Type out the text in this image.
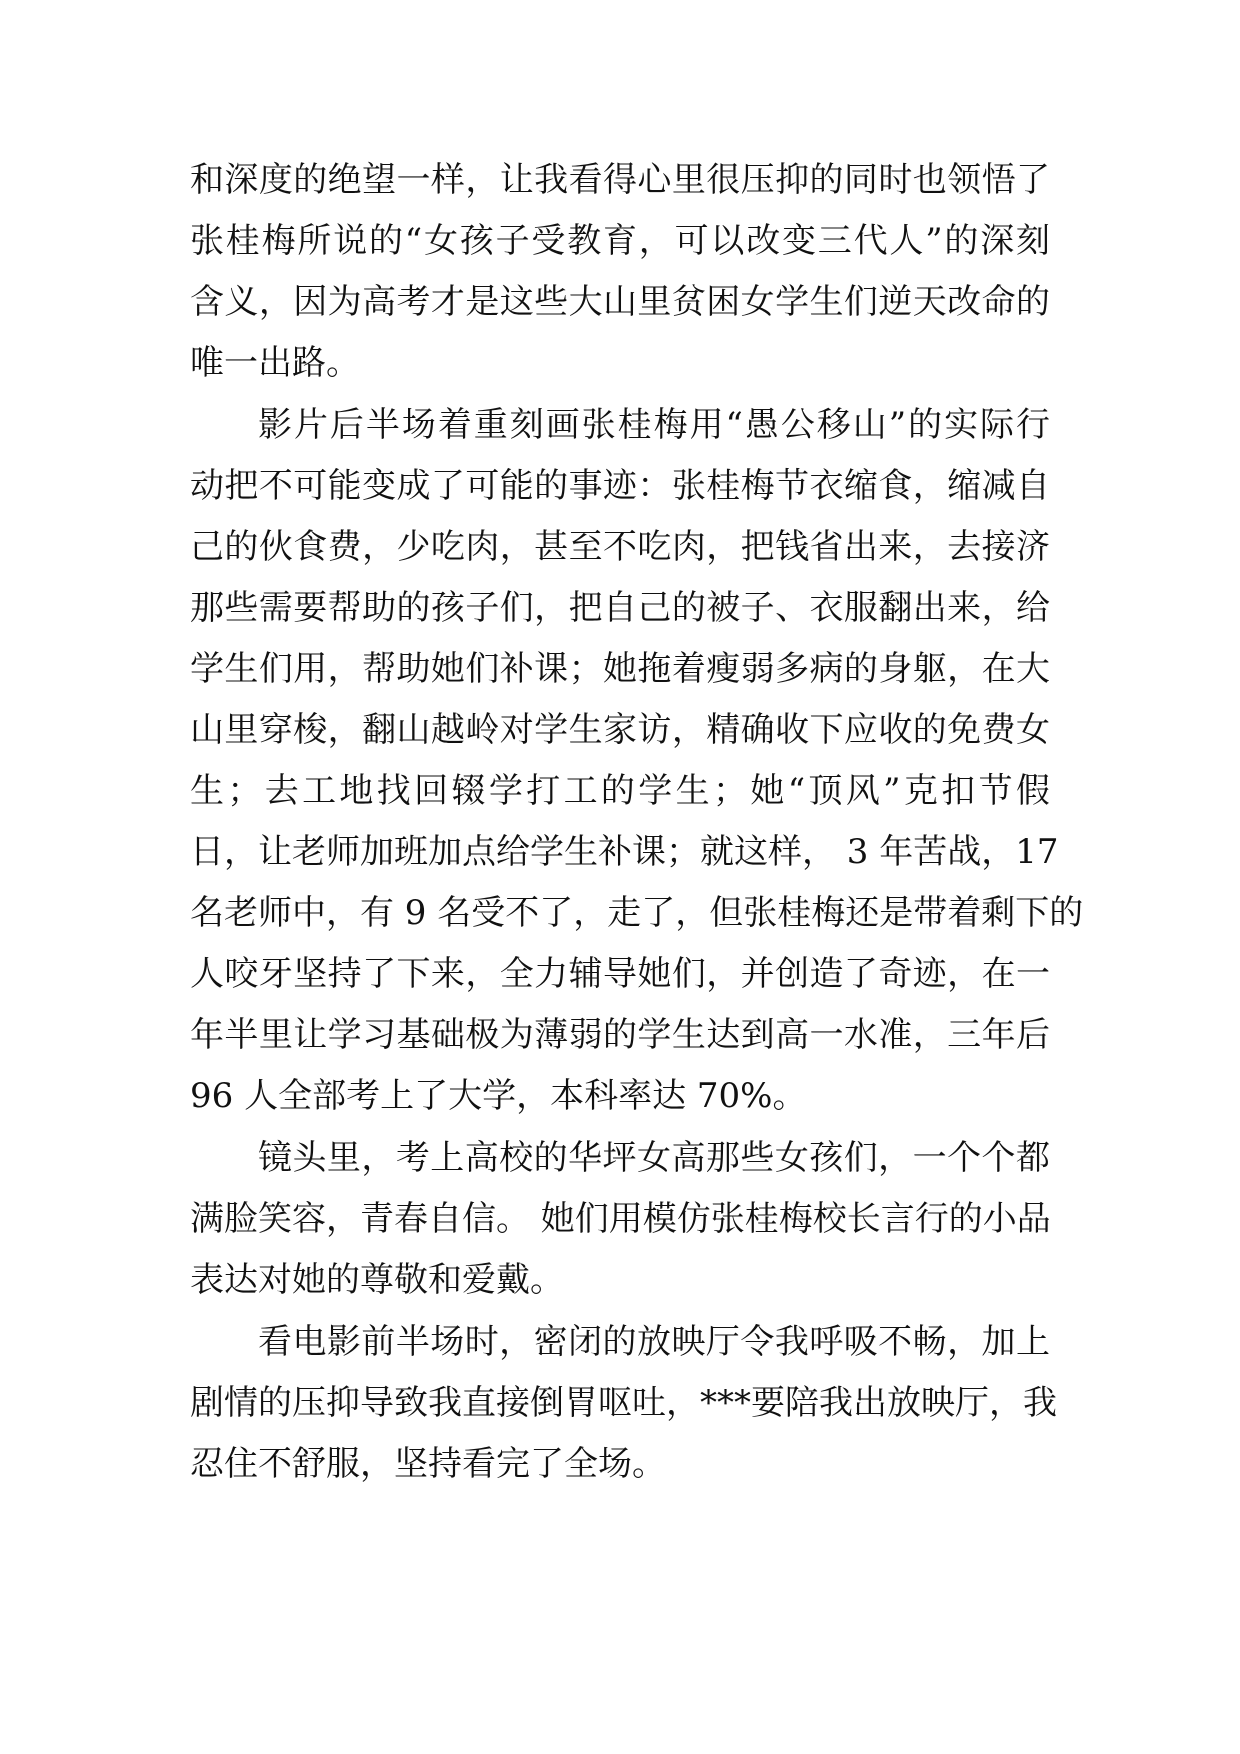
和深度的绝望一样，让我看得心里很压抑的同时也领悟了
张桂梅所说的“女孩子受教育，可以改变三代人”的深刻
含义，因为高考才是这些大山里贫困女学生们逆天改命的
唯一出路。
影片后半场着重刻画张桂梅用“愚公移山”的实际行
动把不可能变成了可能的事迹：张桂梅节衣缩食，缩减自
己的伙食费，少吃肉，甚至不吃肉，把钱省出来，去接济
那些需要帮助的孩子们，把自己的被子、衣服翻出来，给
学生们用，帮助她们补课；她拖着瘦弱多病的身躯，在大
山里穿梭，翻山越岭对学生家访，精确收下应收的免费女
生；去工地找回辍学打工的学生；她“顶风”克扣节假
日，让老师加班加点给学生补课；就这样， 3 年苦战，17
名老师中，有 9 名受不了，走了，但张桂梅还是带着剩下的
人咬牙坚持了下来，全力辅导她们，并创造了奇迹，在一
年半里让学习基础极为薄弱的学生达到高一水准，三年后
96 人全部考上了大学，本科率达 70%。
镜头里，考上高校的华坪女高那些女孩们，一个个都
满脸笑容，青春自信。 她们用模仿张桂梅校长言行的小品
表达对她的尊敬和爱戴。
看电影前半场时，密闭的放映厅令我呼吸不畅，加上
剧情的压抑导致我直接倒胃呕吐，***要陪我出放映厅，我
忍住不舒服，坚持看完了全场。
